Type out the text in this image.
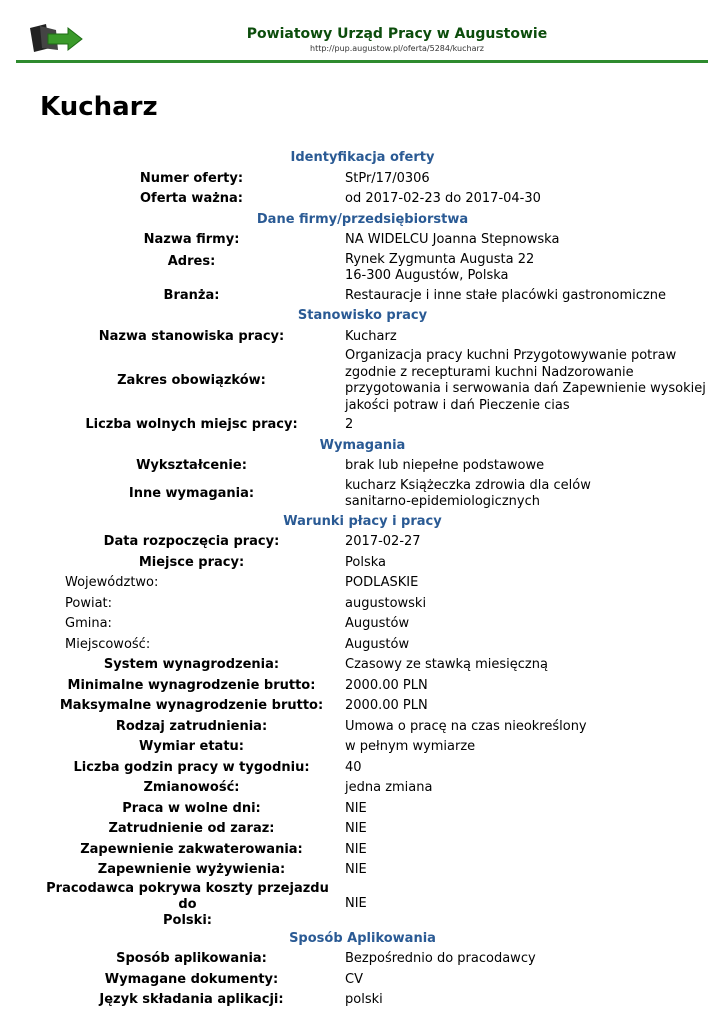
Powiatowy Urząd Pracy w Augustowie
http://pup.augustow.pl/oferta/5284/kucharz
Kucharz
Identyfikacja oferty
Numer oferty:	StPr/17/0306
Oferta ważna:	od 2017-02-23 do 2017-04-30
Dane firmy/przedsiębiorstwa
Nazwa firmy:	NA WIDELCU Joanna Stepnowska
Adres:	Rynek Zygmunta Augusta 22
16-300 Augustów, Polska
Branża:	Restauracje i inne stałe placówki gastronomiczne
Stanowisko pracy
Nazwa stanowiska pracy:	Kucharz
Zakres obowiązków:
Organizacja pracy kuchni Przygotowywanie potraw
zgodnie z recepturami kuchni Nadzorowanie
przygotowania i serwowania dań Zapewnienie wysokiej
jakości potraw i dań Pieczenie cias
Liczba wolnych miejsc pracy:	2
Wymagania
Wykształcenie:	brak lub niepełne podstawowe
Inne wymagania:
kucharz Książeczka zdrowia dla celów
sanitarno-epidemiologicznych
Warunki płacy i pracy
Data rozpoczęcia pracy:	2017-02-27
Miejsce pracy:	Polska
Województwo:	PODLASKIE
Powiat:	augustowski
Gmina:	Augustów
Miejscowość:	Augustów
System wynagrodzenia:	Czasowy ze stawką miesięczną
Minimalne wynagrodzenie brutto:	2000.00 PLN
Maksymalne wynagrodzenie brutto:	2000.00 PLN
Rodzaj zatrudnienia:	Umowa o pracę na czas nieokreślony
Wymiar etatu:	w pełnym wymiarze
Liczba godzin pracy w tygodniu:	40
Zmianowość:	jedna zmiana
Praca w wolne dni:	NIE
Zatrudnienie od zaraz:	NIE
Zapewnienie zakwaterowania:	NIE
Zapewnienie wyżywienia:	NIE
Pracodawca pokrywa koszty przejazdu do
Polski:
NIE
Sposób Aplikowania
Sposób aplikowania:	Bezpośrednio do pracodawcy
Wymagane dokumenty:	CV
Język składania aplikacji:	polski
